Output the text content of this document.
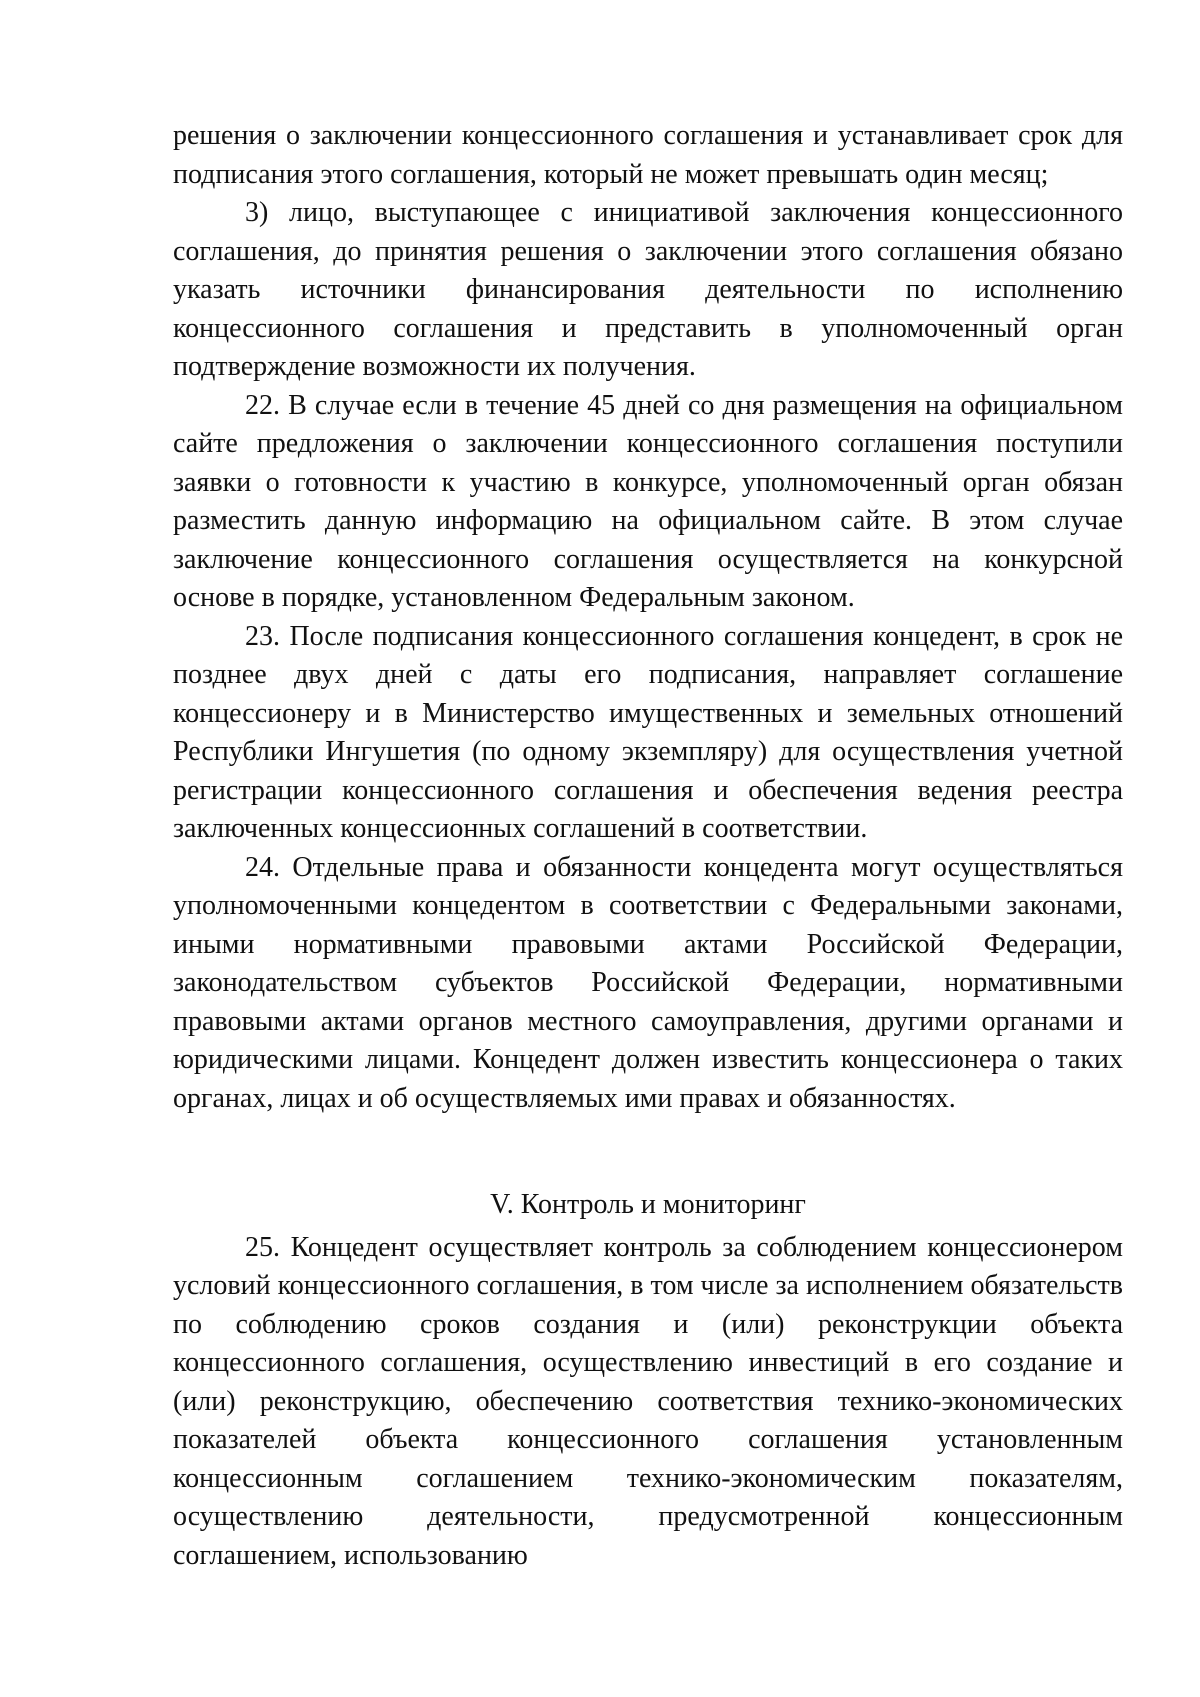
решения о заключении концессионного соглашения и устанавливает срок для подписания этого соглашения, который не может превышать один месяц;

3) лицо, выступающее с инициативой заключения концессионного соглашения, до принятия решения о заключении этого соглашения обязано указать источники финансирования деятельности по исполнению концессионного соглашения и представить в уполномоченный орган подтверждение возможности их получения.

22. В случае если в течение 45 дней со дня размещения на официальном сайте предложения о заключении концессионного соглашения поступили заявки о готовности к участию в конкурсе, уполномоченный орган обязан разместить данную информацию на официальном сайте. В этом случае заключение концессионного соглашения осуществляется на конкурсной основе в порядке, установленном Федеральным законом.

23. После подписания концессионного соглашения концедент, в срок не позднее двух дней с даты его подписания, направляет соглашение концессионеру и в Министерство имущественных и земельных отношений Республики Ингушетия (по одному экземпляру) для осуществления учетной регистрации концессионного соглашения и обеспечения ведения реестра заключенных концессионных соглашений в соответствии.

24. Отдельные права и обязанности концедента могут осуществляться уполномоченными концедентом в соответствии с Федеральными законами, иными нормативными правовыми актами Российской Федерации, законодательством субъектов Российской Федерации, нормативными правовыми актами органов местного самоуправления, другими органами и юридическими лицами. Концедент должен известить концессионера о таких органах, лицах и об осуществляемых ими правах и обязанностях.

V. Контроль и мониторинг

25. Концедент осуществляет контроль за соблюдением концессионером условий концессионного соглашения, в том числе за исполнением обязательств по соблюдению сроков создания и (или) реконструкции объекта концессионного соглашения, осуществлению инвестиций в его создание и (или) реконструкцию, обеспечению соответствия технико-экономических показателей объекта концессионного соглашения установленным концессионным соглашением технико-экономическим показателям, осуществлению деятельности, предусмотренной концессионным соглашением, использованию
